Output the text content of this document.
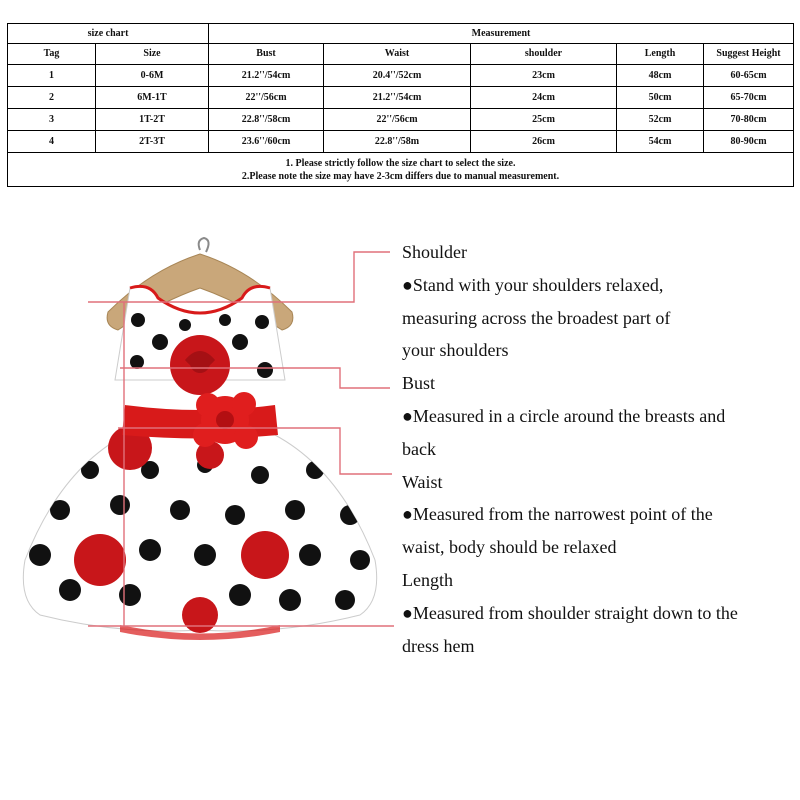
size chart		Measurement				
Tag	Size	Bust	Waist	shoulder	Length	Suggest Height
1	0-6M	21.2''/54cm	20.4''/52cm	23cm	48cm	60-65cm
2	6M-1T	22''/56cm	21.2''/54cm	24cm	50cm	65-70cm
3	1T-2T	22.8''/58cm	22''/56cm	25cm	52cm	70-80cm
4	2T-3T	23.6''/60cm	22.8''/58m	26cm	54cm	80-90cm

1. Please strictly follow the size chart to select the size.
2.Please note the size may have 2-3cm differs due to manual measurement.						
Shoulder
●Stand with your shoulders relaxed,
measuring across the broadest part of
your shoulders
Bust
●Measured in a circle around the breasts and
back
Waist
●Measured from the narrowest point of the
waist, body should be relaxed
Length
●Measured from shoulder straight down to the
dress hem
